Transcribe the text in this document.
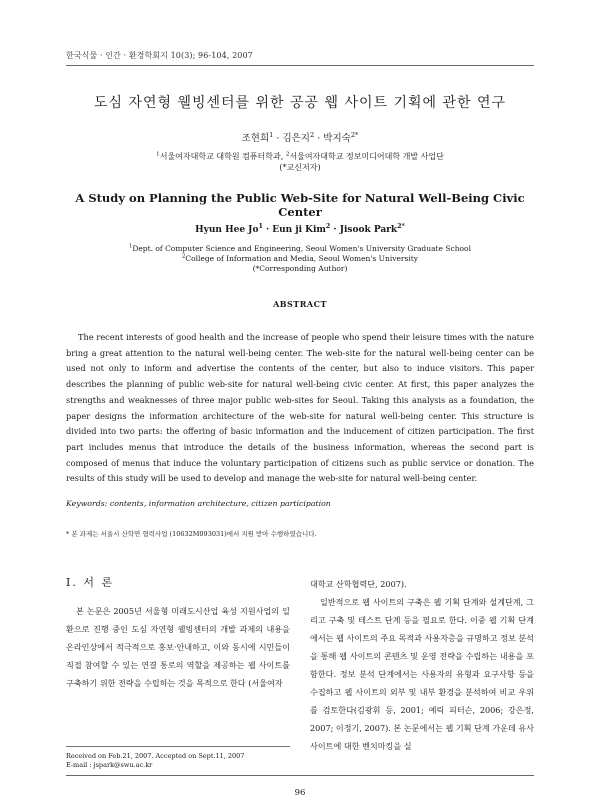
한국식물 · 인간 · 환경학회지 10(3); 96-104, 2007
도심 자연형 웰빙센터를 위한 공공 웹 사이트 기획에 관한 연구
조현희$^1$ · 김은지$^2$ · 박지숙$^{2*}$
$^1$서울여자대학교 대학원 컴퓨터학과, $^2$서울여자대학교 정보미디어대학 개발 사업단
(*교신저자)
A Study on Planning the Public Web-Site for Natural Well-Being Civic Center
Hyun Hee $Jo^1$ · Eun ji Kim$^2$ · Jisook Park$^{2*}$
$^1$Dept. of Computer Science and Engineering, Seoul Women's University Graduate School
$^2$College of Information and Media, Seoul Women's University
(*Corresponding Author)
ABSTRACT

The recent interests of good health and the increase of people who spend their leisure times with the nature bring a great attention to the natural well-being center. The web-site for the natural well-being center can be used not only to inform and advertise the contents of the center, but also to induce visitors. This paper describes the planning of public web-site for natural well-being civic center. At first, this paper analyzes the strengths and weaknesses of three major public web-sites for Seoul. Taking this analysis as a foundation, the paper designs the information architecture of the web-site for natural well-being center. This structure is divided into two parts: the offering of basic information and the inducement of citizen participation. The first part includes menus that introduce the details of the business information, whereas the second part is composed of menus that induce the voluntary participation of citizens such as public service or donation. The results of this study will be used to develop and manage the web-site for natural well-being center.

Keywords: contents, information architecture, citizen participation
* 본 과제는 서울시 산학연 협력사업 (10632M093031)에서 지원 받아 수행하였습니다.
Ⅰ. 서 론

본 논문은 2005년 서울형 미래도시산업 육성 지원사업의 일환으로 진행 중인 도심 자연형 웰빙센터의 개발 과제의 내용을 온라인상에서 적극적으로 홍보·안내하고, 이와 동시에 시민들이 직접 참여할 수 있는 연결 통로의 역할을 제공하는 웹 사이트를 구축하기 위한 전략을 수립하는 것을 목적으로 한다 (서울여자

대학교 산학협력단, 2007).

일반적으로 웹 사이트의 구축은 웹 기획 단계와 설계단계, 그리고 구축 및 테스트 단계 등을 필요로 한다. 이중 웹 기획 단계에서는 웹 사이트의 주요 목적과 사용자층을 규명하고 정보 분석을 통해 웹 사이트의 콘텐츠 및 운영 전략을 수립하는 내용을 포함한다. 정보 분석 단계에서는 사용자의 유형과 요구사항 등을 수집하고 웹 사이트의 외부 및 내부 환경을 분석하여 비교 우위를 검토한다(김광휘 등, 2001; 예릭 피터슨, 2006; 강은정, 2007; 이정기, 2007). 본 논문에서는 웹 기획 단계 가운데 유사 사이트에 대한 벤치마킹을 실

Received on Feb.21, 2007. Accepted on Sept.11, 2007
E-mail : jspark@swu.ac.kr
96
